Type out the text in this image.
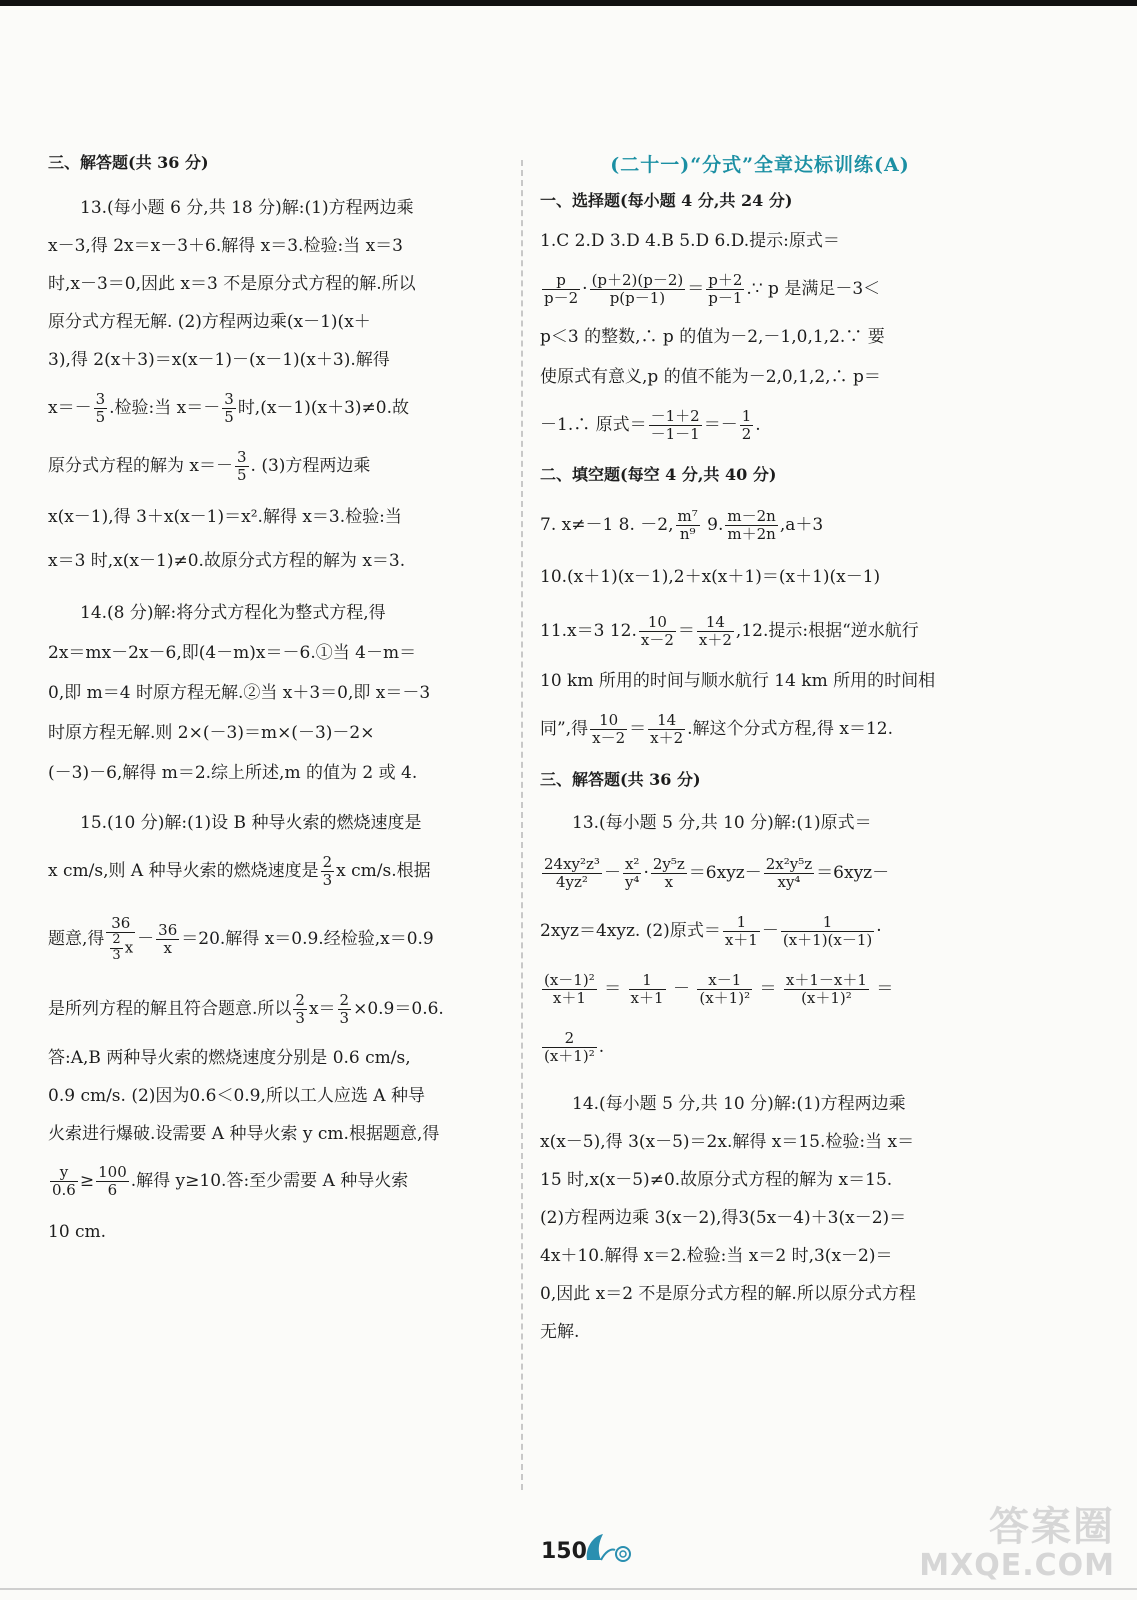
三、解答题(共 36 分)

13.(每小题 6 分,共 18 分)解:(1)方程两边乘

x－3,得 2x＝x－3＋6.解得 x＝3.检验:当 x＝3

时,x－3＝0,因此 x＝3 不是原分式方程的解.所以

原分式方程无解. (2)方程两边乘(x－1)(x＋

3),得 2(x＋3)＝x(x－1)－(x－1)(x＋3).解得

$x=- \frac{3}{5}$ .检验:当 $x=- \frac{3}{5}$ 时,(x－1)(x＋3)≠0.故

原分式方程的解为 $x=- \frac{3}{5}$ . (3)方程两边乘

x(x－1),得 3＋x(x－1)＝x².解得 x＝3.检验:当

x＝3 时,x(x－1)≠0.故原分式方程的解为 x＝3.

14.(8 分)解:将分式方程化为整式方程,得

2x＝mx－2x－6,即(4－m)x＝－6.①当 4－m＝

0,即 m＝4 时原方程无解.②当 x＋3＝0,即 x＝－3

时原方程无解.则 2×(－3)＝m×(－3)－2×

(－3)－6,解得 m＝2.综上所述,m 的值为 2 或 4.

15.(10 分)解:(1)设 B 种导火索的燃烧速度是

x cm/s,则 A 种导火索的燃烧速度是 $\frac{2}{3}$ x cm/s.根据

题意,得 $\frac{36}{\frac{2}{3} x} - \frac{36}{x} =20$.解得 x＝0.9.经检验,x＝0.9

是所列方程的解且符合题意.所以 $\frac{2}{3} x= \frac{2}{3} \times 0.9=0.6$.

答:A,B 两种导火索的燃烧速度分别是 0.6 cm/s,

0.9 cm/s. (2)因为0.6＜0.9,所以工人应选 A 种导

火索进行爆破.设需要 A 种导火索 y cm.根据题意,得

$\frac{y}{0.6} \ge \frac{100}{6}$ .解得 y≥10.答:至少需要 A 种导火索

10 cm.

(二十一)“分式”全章达标训练(A)

一、选择题(每小题 4 分,共 24 分)

1.C 2.D 3.D 4.B 5.D 6.D.提示:原式＝

$\frac{p}{p-2} \cdot \frac{(p+2)(p-2)}{p(p-1)} = \frac{p+2}{p-1}$ .∵ p 是满足－3＜

p＜3 的整数,∴ p 的值为－2,－1,0,1,2.∵ 要

使原式有意义,p 的值不能为－2,0,1,2,∴ p＝

－1.∴ 原式＝ $\frac{-1+2}{-1-1} =- \frac{1}{2}$ .

二、填空题(每空 4 分,共 40 分)

7. x≠－1 8. －2, $\frac{\text{m⁷}}{\text{n⁹}} 9$. $\frac{m-2n}{m+2n} ,a+3$

10.(x＋1)(x－1),2＋x(x＋1)＝(x＋1)(x－1)

11.x＝3 12. $\frac{10}{x-2} = \frac{14}{x+2} ,12$.提示:根据“逆水航行

10 km 所用的时间与顺水航行 14 km 所用的时间相

同”,得 $\frac{10}{x-2} = \frac{14}{x+2}$ .解这个分式方程,得 x＝12.

三、解答题(共 36 分)

13.(每小题 5 分,共 10 分)解:(1)原式＝

$\frac{\text{24xy²z³}}{\text{4yz²}} - \frac{\text{x²}}{\text{y⁴}} \cdot \frac{\text{2y⁵z}}{x} =6xyz- \frac{\text{2x²y⁵z}}{\text{xy⁴}} =6xyz-$

2xyz＝4xyz. (2)原式＝ $\frac{1}{x+1} - \frac{1}{(x+1)(x-1)}$ ·

$\frac{\text{(x－1)²}}{x+1} = \frac{1}{x+1} - \frac{x-1}{\text{(x＋1)²}} = \frac{x+1-x+1}{\text{(x＋1)²}}$ ＝

$\frac{2}{\text{(x＋1)²}}$ .

14.(每小题 5 分,共 10 分)解:(1)方程两边乘

x(x－5),得 3(x－5)＝2x.解得 x＝15.检验:当 x＝

15 时,x(x－5)≠0.故原分式方程的解为 x＝15.

(2)方程两边乘 3(x－2),得3(5x－4)＋3(x－2)＝

4x＋10.解得 x＝2.检验:当 x＝2 时,3(x－2)＝

0,因此 x＝2 不是原分式方程的解.所以原分式方程

无解.

150
答案圈
MXQE.COM
